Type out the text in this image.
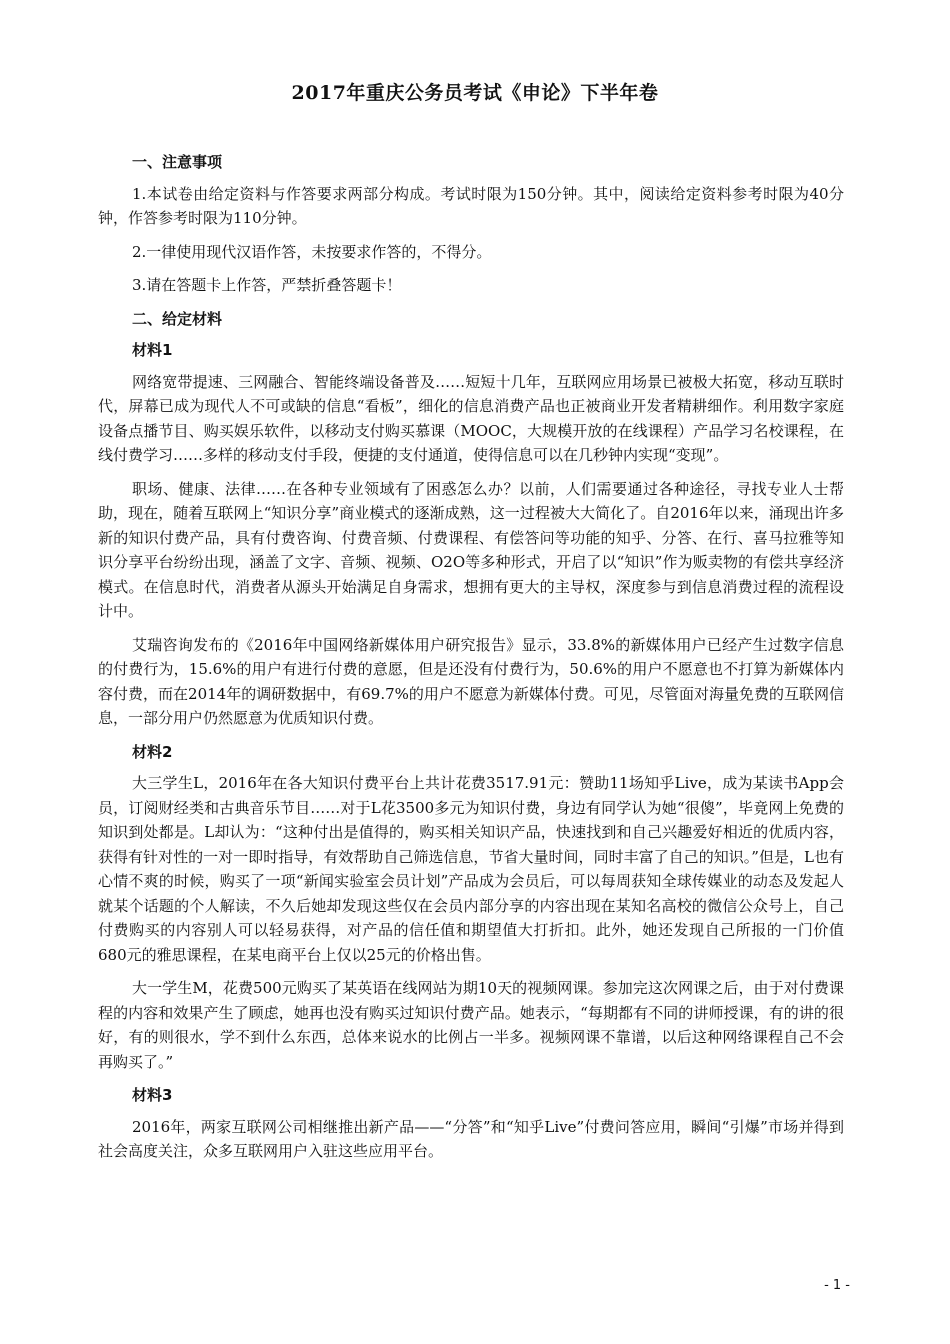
2017年重庆公务员考试《申论》下半年卷
一、注意事项
1.本试卷由给定资料与作答要求两部分构成。考试时限为150分钟。其中，阅读给定资料参考时限为40分钟，作答参考时限为110分钟。
2.一律使用现代汉语作答，未按要求作答的，不得分。
3.请在答题卡上作答，严禁折叠答题卡！
二、给定材料
材料1
网络宽带提速、三网融合、智能终端设备普及……短短十几年，互联网应用场景已被极大拓宽，移动互联时代，屏幕已成为现代人不可或缺的信息“看板”，细化的信息消费产品也正被商业开发者精耕细作。利用数字家庭设备点播节目、购买娱乐软件，以移动支付购买慕课（MOOC，大规模开放的在线课程）产品学习名校课程，在线付费学习……多样的移动支付手段，便捷的支付通道，使得信息可以在几秒钟内实现“变现”。
职场、健康、法律……在各种专业领域有了困惑怎么办？以前，人们需要通过各种途径，寻找专业人士帮助，现在，随着互联网上“知识分享”商业模式的逐渐成熟，这一过程被大大简化了。自2016年以来，涌现出许多新的知识付费产品，具有付费咨询、付费音频、付费课程、有偿答问等功能的知乎、分答、在行、喜马拉雅等知识分享平台纷纷出现，涵盖了文字、音频、视频、O2O等多种形式，开启了以“知识”作为贩卖物的有偿共享经济模式。在信息时代，消费者从源头开始满足自身需求，想拥有更大的主导权，深度参与到信息消费过程的流程设计中。
艾瑞咨询发布的《2016年中国网络新媒体用户研究报告》显示，33.8%的新媒体用户已经产生过数字信息的付费行为，15.6%的用户有进行付费的意愿，但是还没有付费行为，50.6%的用户不愿意也不打算为新媒体内容付费，而在2014年的调研数据中，有69.7%的用户不愿意为新媒体付费。可见，尽管面对海量免费的互联网信息，一部分用户仍然愿意为优质知识付费。
材料2
大三学生L，2016年在各大知识付费平台上共计花费3517.91元：赞助11场知乎Live，成为某读书App会员，订阅财经类和古典音乐节目……对于L花3500多元为知识付费，身边有同学认为她“很傻”，毕竟网上免费的知识到处都是。L却认为：“这种付出是值得的，购买相关知识产品，快速找到和自己兴趣爱好相近的优质内容，获得有针对性的一对一即时指导，有效帮助自己筛选信息，节省大量时间，同时丰富了自己的知识。”但是，L也有心情不爽的时候，购买了一项“新闻实验室会员计划”产品成为会员后，可以每周获知全球传媒业的动态及发起人就某个话题的个人解读，不久后她却发现这些仅在会员内部分享的内容出现在某知名高校的微信公众号上，自己付费购买的内容别人可以轻易获得，对产品的信任值和期望值大打折扣。此外，她还发现自己所报的一门价值680元的雅思课程，在某电商平台上仅以25元的价格出售。
大一学生M，花费500元购买了某英语在线网站为期10天的视频网课。参加完这次网课之后，由于对付费课程的内容和效果产生了顾虑，她再也没有购买过知识付费产品。她表示，“每期都有不同的讲师授课，有的讲的很好，有的则很水，学不到什么东西，总体来说水的比例占一半多。视频网课不靠谱，以后这种网络课程自己不会再购买了。”
材料3
2016年，两家互联网公司相继推出新产品——“分答”和“知乎Live”付费问答应用，瞬间“引爆”市场并得到社会高度关注，众多互联网用户入驻这些应用平台。
- 1 -
